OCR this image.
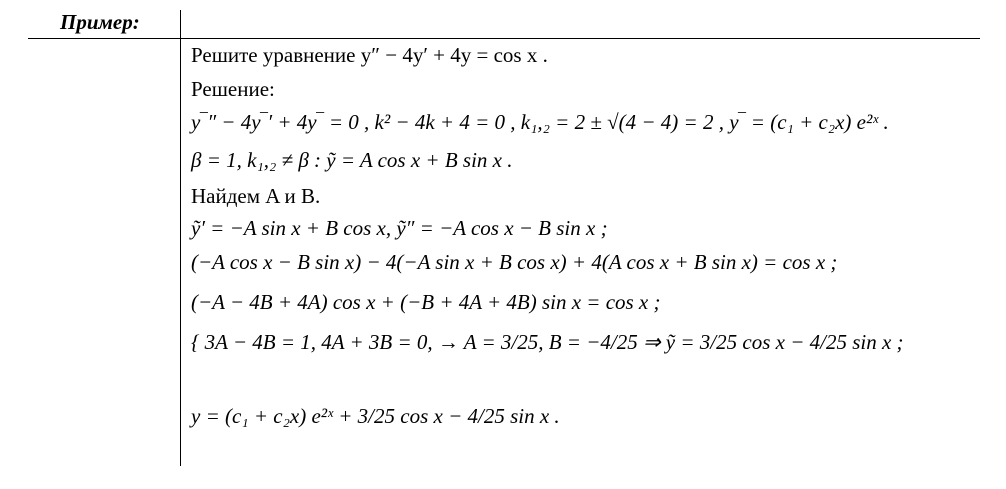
Пример:
Решите уравнение y″ − 4y′ + 4y = cos x .
Решение:
y‾″ − 4y‾′ + 4y‾ = 0 , k² − 4k + 4 = 0 , k₁,₂ = 2 ± √(4 − 4) = 2 , y‾ = (c₁ + c₂x) e²ˣ .
β = 1, k₁,₂ ≠ β : ỹ = A cos x + B sin x .
Найдем A и B.
ỹ′ = −A sin x + B cos x, ỹ″ = −A cos x − B sin x ;
(−A cos x − B sin x) − 4(−A sin x + B cos x) + 4(A cos x + B sin x) = cos x ;
(−A − 4B + 4A) cos x + (−B + 4A + 4B) sin x = cos x ;
{ 3A − 4B = 1, 4A + 3B = 0, → A = 3/25, B = −4/25 ⇒ ỹ = 3/25 cos x − 4/25 sin x ;
y = (c₁ + c₂x) e²ˣ + 3/25 cos x − 4/25 sin x .
